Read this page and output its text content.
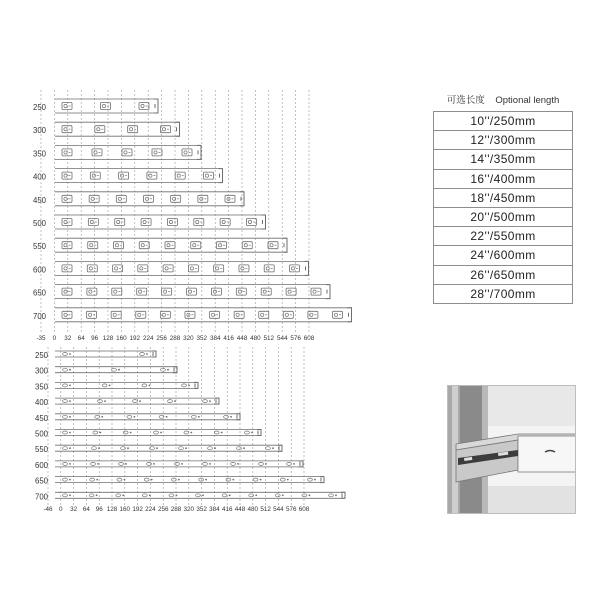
-35 0 32 64 96 128 160 192 224 256 288 320 352 384 416 448 480 512 544 576 608
250
300
350
400
450
500
550
600
650
700
-46 0 32 64 96 128 160 192 224 256 288 320 352 384 416 448 480 512 544 576 608
250
300
350
400
450
500
550
600
650
700
可选长度 Optional length
10''/250mm
12''/300mm
14''/350mm
16''/400mm
18''/450mm
20''/500mm
22''/550mm
24''/600mm
26''/650mm
28''/700mm
